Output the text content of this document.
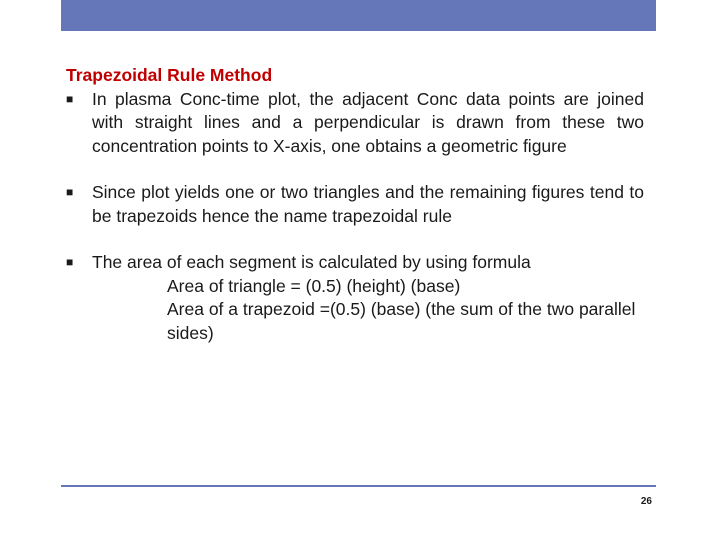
Trapezoidal Rule Method
■	In plasma Conc-time plot, the adjacent Conc data points are joined with straight lines and a perpendicular is drawn from these two concentration points to X-axis, one obtains a geometric figure
■	Since plot yields one or two triangles and the remaining figures tend to be trapezoids hence the name trapezoidal rule
■	The area of each segment is calculated by using formula
Area of triangle = (0.5) (height) (base)
Area of a trapezoid =(0.5) (base) (the sum of the two parallel sides)
26
